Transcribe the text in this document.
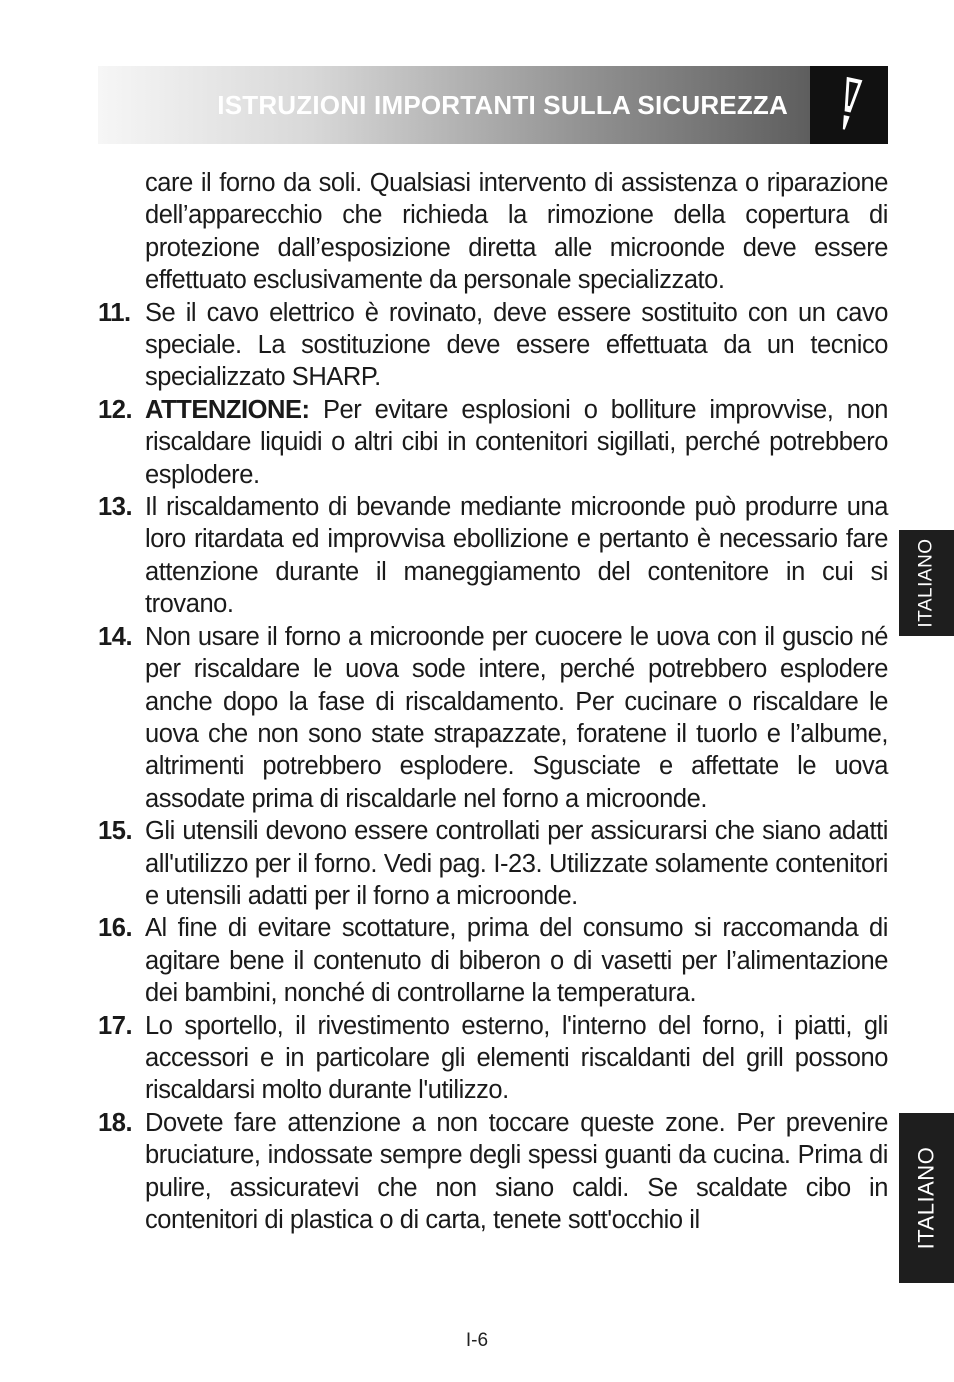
ISTRUZIONI IMPORTANTI SULLA SICUREZZA
care il forno da soli. Qualsiasi intervento di assistenza o riparazione dell’apparecchio che richieda la rimozione della copertura di protezione dall’esposizione diretta alle microonde deve essere effettuato esclusivamente da personale specializzato.
11. Se il cavo elettrico è rovinato, deve essere sostituito con un cavo speciale. La sostituzione deve essere effettuata da un tecnico specializzato SHARP.
12. ATTENZIONE: Per evitare esplosioni o bolliture improvvise, non riscaldare liquidi o altri cibi in contenitori sigillati, perché potrebbero esplodere.
13. Il riscaldamento di bevande mediante microonde può produrre una loro ritardata ed improvvisa ebollizione e pertanto è necessario fare attenzione durante il maneggiamento del contenitore in cui si trovano.
14. Non usare il forno a microonde per cuocere le uova con il guscio né per riscaldare le uova sode intere, perché potrebbero esplodere anche dopo la fase di riscaldamento. Per cucinare o riscaldare le uova che non sono state strapazzate, foratene il tuorlo e l’albume, altrimenti potrebbero esplodere. Sgusciate e affettate le uova assodate prima di riscaldarle nel forno a microonde.
15. Gli utensili devono essere controllati per assicurarsi che siano adatti all'utilizzo per il forno. Vedi pag. I-23. Utilizzate solamente contenitori e utensili adatti per il forno a microonde.
16. Al fine di evitare scottature, prima del consumo si raccomanda di agitare bene il contenuto di biberon o di vasetti per l’alimentazione dei bambini, nonché di controllarne la temperatura.
17. Lo sportello, il rivestimento esterno, l'interno del forno, i piatti, gli accessori e in particolare gli elementi riscaldanti del grill possono riscaldarsi molto durante l'utilizzo.
18. Dovete fare attenzione a non toccare queste zone. Per prevenire bruciature, indossate sempre degli spessi guanti da cucina. Prima di pulire, assicuratevi che non siano caldi. Se scaldate cibo in contenitori di plastica o di carta, tenete sott'occhio il
ITALIANO
ITALIANO
I-6
